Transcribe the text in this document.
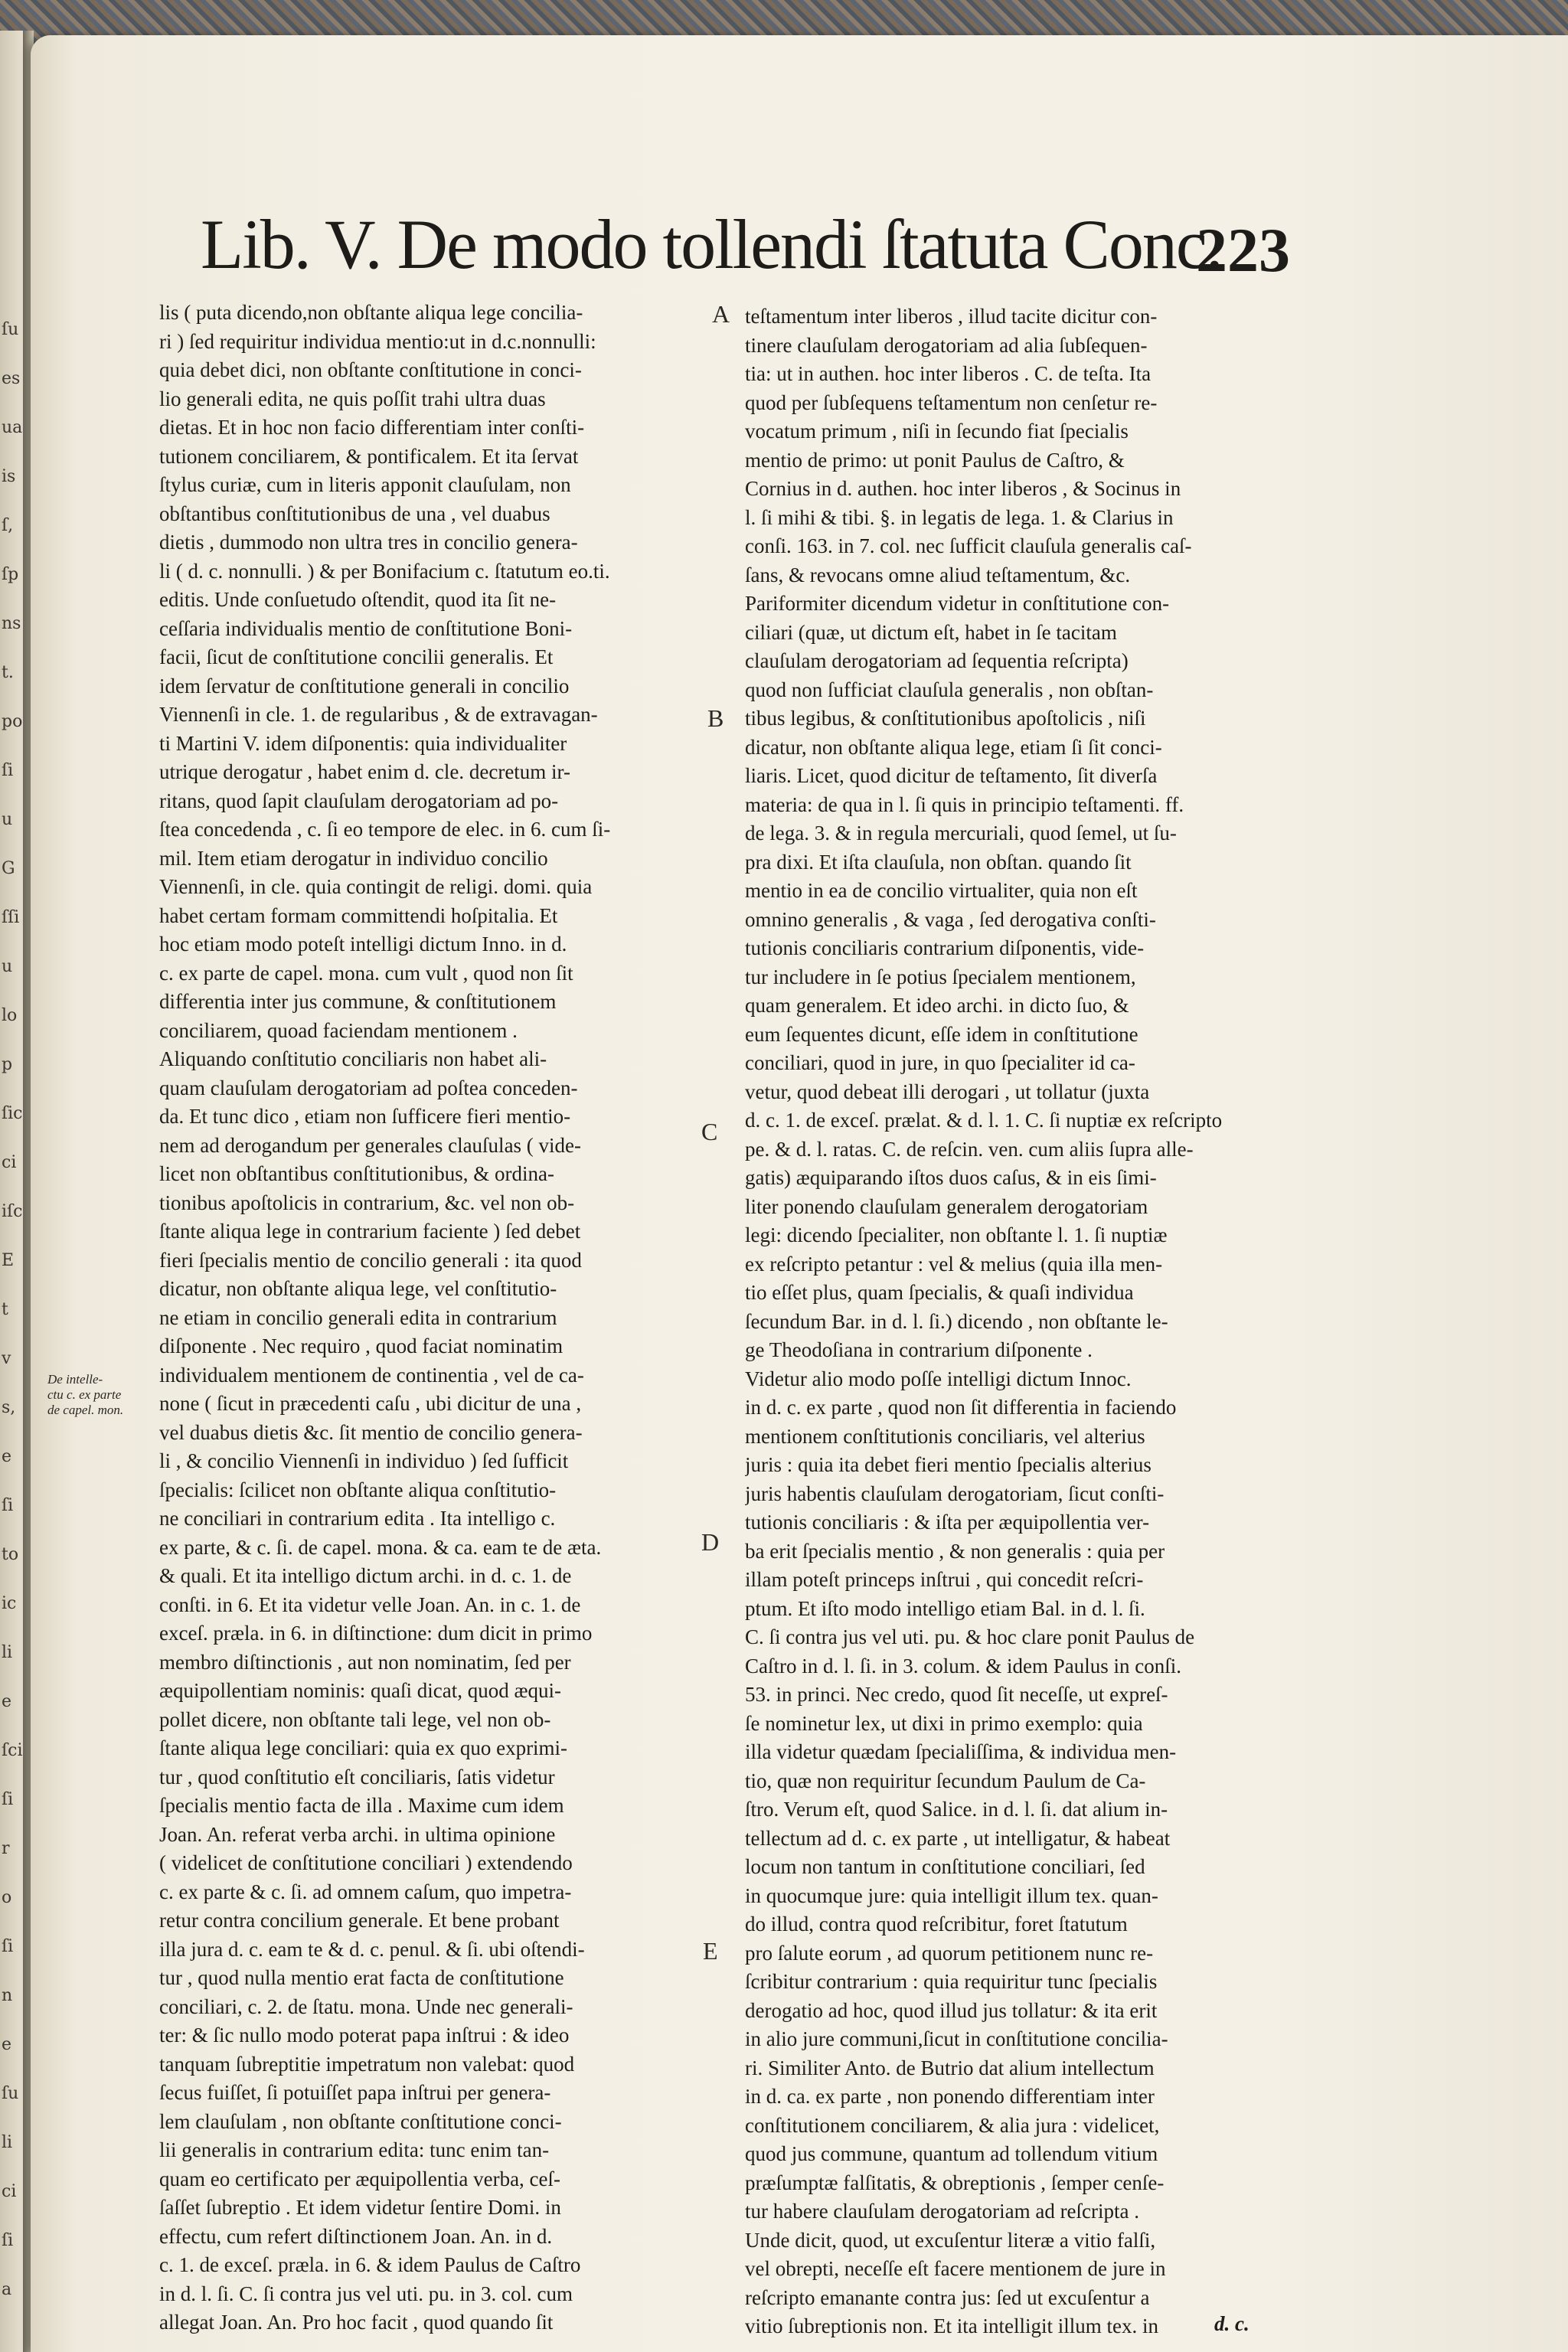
ſu
es
ua
is
ſ,
ſp
ns
t.
po
ſi
u
G
ſſi
u
lo
p
ſic
ci
iſc
E
t
v
s,
e
ſi
to
ic
li
e
ſci
ſi
r
o
ſi
n
e
ſu
li
ci
ſi
a
Lib. V. De modo tollendi ſtatuta Conc.
223
lis ( puta dicendo,non obſtante aliqua lege concilia-
ri ) ſed requiritur individua mentio:ut in d.c.nonnulli:
quia debet dici, non obſtante conſtitutione in conci-
lio generali edita, ne quis poſſit trahi ultra duas
dietas. Et in hoc non facio differentiam inter conſti-
tutionem conciliarem, & pontificalem. Et ita ſervat
ſtylus curiæ, cum in literis apponit clauſulam, non
obſtantibus conſtitutionibus de una , vel duabus
dietis , dummodo non ultra tres in concilio genera-
li ( d. c. nonnulli. ) & per Bonifacium c. ſtatutum eo.ti.
editis. Unde conſuetudo oſtendit, quod ita ſit ne-
ceſſaria individualis mentio de conſtitutione Boni-
facii, ſicut de conſtitutione concilii generalis. Et
idem ſervatur de conſtitutione generali in concilio
Viennenſi in cle. 1. de regularibus , & de extravagan-
ti Martini V. idem diſponentis: quia individualiter
utrique derogatur , habet enim d. cle. decretum ir-
ritans, quod ſapit clauſulam derogatoriam ad po-
ſtea concedenda , c. ſi eo tempore de elec. in 6. cum ſi-
mil. Item etiam derogatur in individuo concilio
Viennenſi, in cle. quia contingit de religi. domi. quia
habet certam formam committendi hoſpitalia. Et
hoc etiam modo poteſt intelligi dictum Inno. in d.
c. ex parte de capel. mona. cum vult , quod non ſit
differentia inter jus commune, & conſtitutionem
conciliarem, quoad faciendam mentionem .
Aliquando conſtitutio conciliaris non habet ali-
quam clauſulam derogatoriam ad poſtea conceden-
da. Et tunc dico , etiam non ſufficere fieri mentio-
nem ad derogandum per generales clauſulas ( vide-
licet non obſtantibus conſtitutionibus, & ordina-
tionibus apoſtolicis in contrarium, &c. vel non ob-
ſtante aliqua lege in contrarium faciente ) ſed debet
fieri ſpecialis mentio de concilio generali : ita quod
dicatur, non obſtante aliqua lege, vel conſtitutio-
ne etiam in concilio generali edita in contrarium
diſponente . Nec requiro , quod faciat nominatim
individualem mentionem de continentia , vel de ca-
none ( ſicut in præcedenti caſu , ubi dicitur de una ,
vel duabus dietis &c. ſit mentio de concilio genera-
li , & concilio Viennenſi in individuo ) ſed ſufficit
ſpecialis: ſcilicet non obſtante aliqua conſtitutio-
ne conciliari in contrarium edita . Ita intelligo c.
ex parte, & c. ſi. de capel. mona. & ca. eam te de æta.
& quali. Et ita intelligo dictum archi. in d. c. 1. de
conſti. in 6. Et ita videtur velle Joan. An. in c. 1. de
exceſ. præla. in 6. in diſtinctione: dum dicit in primo
membro diſtinctionis , aut non nominatim, ſed per
æquipollentiam nominis: quaſi dicat, quod æqui-
pollet dicere, non obſtante tali lege, vel non ob-
ſtante aliqua lege conciliari: quia ex quo exprimi-
tur , quod conſtitutio eſt conciliaris, ſatis videtur
ſpecialis mentio facta de illa . Maxime cum idem
Joan. An. referat verba archi. in ultima opinione
( videlicet de conſtitutione conciliari ) extendendo
c. ex parte & c. ſi. ad omnem caſum, quo impetra-
retur contra concilium generale. Et bene probant
illa jura d. c. eam te & d. c. penul. & ſi. ubi oſtendi-
tur , quod nulla mentio erat facta de conſtitutione
conciliari, c. 2. de ſtatu. mona. Unde nec generali-
ter: & ſic nullo modo poterat papa inſtrui : & ideo
tanquam ſubreptitie impetratum non valebat: quod
ſecus fuiſſet, ſi potuiſſet papa inſtrui per genera-
lem clauſulam , non obſtante conſtitutione conci-
lii generalis in contrarium edita: tunc enim tan-
quam eo certificato per æquipollentia verba, ceſ-
ſaſſet ſubreptio . Et idem videtur ſentire Domi. in
effectu, cum refert diſtinctionem Joan. An. in d.
c. 1. de exceſ. præla. in 6. & idem Paulus de Caſtro
in d. l. ſi. C. ſi contra jus vel uti. pu. in 3. col. cum
allegat Joan. An. Pro hoc facit , quod quando ſit
teſtamentum inter liberos , illud tacite dicitur con-
tinere clauſulam derogatoriam ad alia ſubſequen-
tia: ut in authen. hoc inter liberos . C. de teſta. Ita
quod per ſubſequens teſtamentum non cenſetur re-
vocatum primum , niſi in ſecundo fiat ſpecialis
mentio de primo: ut ponit Paulus de Caſtro, &
Cornius in d. authen. hoc inter liberos , & Socinus in
l. ſi mihi & tibi. §. in legatis de lega. 1. & Clarius in
conſi. 163. in 7. col. nec ſufficit clauſula generalis caſ-
ſans, & revocans omne aliud teſtamentum, &c.
Pariformiter dicendum videtur in conſtitutione con-
ciliari (quæ, ut dictum eſt, habet in ſe tacitam
clauſulam derogatoriam ad ſequentia reſcripta)
quod non ſufficiat clauſula generalis , non obſtan-
tibus legibus, & conſtitutionibus apoſtolicis , niſi
dicatur, non obſtante aliqua lege, etiam ſi ſit conci-
liaris. Licet, quod dicitur de teſtamento, ſit diverſa
materia: de qua in l. ſi quis in principio teſtamenti. ff.
de lega. 3. & in regula mercuriali, quod ſemel, ut ſu-
pra dixi. Et iſta clauſula, non obſtan. quando ſit
mentio in ea de concilio virtualiter, quia non eſt
omnino generalis , & vaga , ſed derogativa conſti-
tutionis conciliaris contrarium diſponentis, vide-
tur includere in ſe potius ſpecialem mentionem,
quam generalem. Et ideo archi. in dicto ſuo, &
eum ſequentes dicunt, eſſe idem in conſtitutione
conciliari, quod in jure, in quo ſpecialiter id ca-
vetur, quod debeat illi derogari , ut tollatur (juxta
d. c. 1. de exceſ. prælat. & d. l. 1. C. ſi nuptiæ ex reſcripto
pe. & d. l. ratas. C. de reſcin. ven. cum aliis ſupra alle-
gatis) æquiparando iſtos duos caſus, & in eis ſimi-
liter ponendo clauſulam generalem derogatoriam
legi: dicendo ſpecialiter, non obſtante l. 1. ſi nuptiæ
ex reſcripto petantur : vel & melius (quia illa men-
tio eſſet plus, quam ſpecialis, & quaſi individua
ſecundum Bar. in d. l. ſi.) dicendo , non obſtante le-
ge Theodoſiana in contrarium diſponente .
Videtur alio modo poſſe intelligi dictum Innoc.
in d. c. ex parte , quod non ſit differentia in faciendo
mentionem conſtitutionis conciliaris, vel alterius
juris : quia ita debet fieri mentio ſpecialis alterius
juris habentis clauſulam derogatoriam, ſicut conſti-
tutionis conciliaris : & iſta per æquipollentia ver-
ba erit ſpecialis mentio , & non generalis : quia per
illam poteſt princeps inſtrui , qui concedit reſcri-
ptum. Et iſto modo intelligo etiam Bal. in d. l. ſi.
C. ſi contra jus vel uti. pu. & hoc clare ponit Paulus de
Caſtro in d. l. ſi. in 3. colum. & idem Paulus in conſi.
53. in princi. Nec credo, quod ſit neceſſe, ut expreſ-
ſe nominetur lex, ut dixi in primo exemplo: quia
illa videtur quædam ſpecialiſſima, & individua men-
tio, quæ non requiritur ſecundum Paulum de Ca-
ſtro. Verum eſt, quod Salice. in d. l. ſi. dat alium in-
tellectum ad d. c. ex parte , ut intelligatur, & habeat
locum non tantum in conſtitutione conciliari, ſed
in quocumque jure: quia intelligit illum tex. quan-
do illud, contra quod reſcribitur, foret ſtatutum
pro ſalute eorum , ad quorum petitionem nunc re-
ſcribitur contrarium : quia requiritur tunc ſpecialis
derogatio ad hoc, quod illud jus tollatur: & ita erit
in alio jure communi,ſicut in conſtitutione concilia-
ri. Similiter Anto. de Butrio dat alium intellectum
in d. ca. ex parte , non ponendo differentiam inter
conſtitutionem conciliarem, & alia jura : videlicet,
quod jus commune, quantum ad tollendum vitium
præſumptæ falſitatis, & obreptionis , ſemper cenſe-
tur habere clauſulam derogatoriam ad reſcripta .
Unde dicit, quod, ut excuſentur literæ a vitio falſi,
vel obrepti, neceſſe eſt facere mentionem de jure in
reſcripto emanante contra jus: ſed ut excuſentur a
vitio ſubreptionis non. Et ita intelligit illum tex. in
A
B
C
D
E
De intelle-
ctu c. ex parte
de capel. mon.
d. c.
